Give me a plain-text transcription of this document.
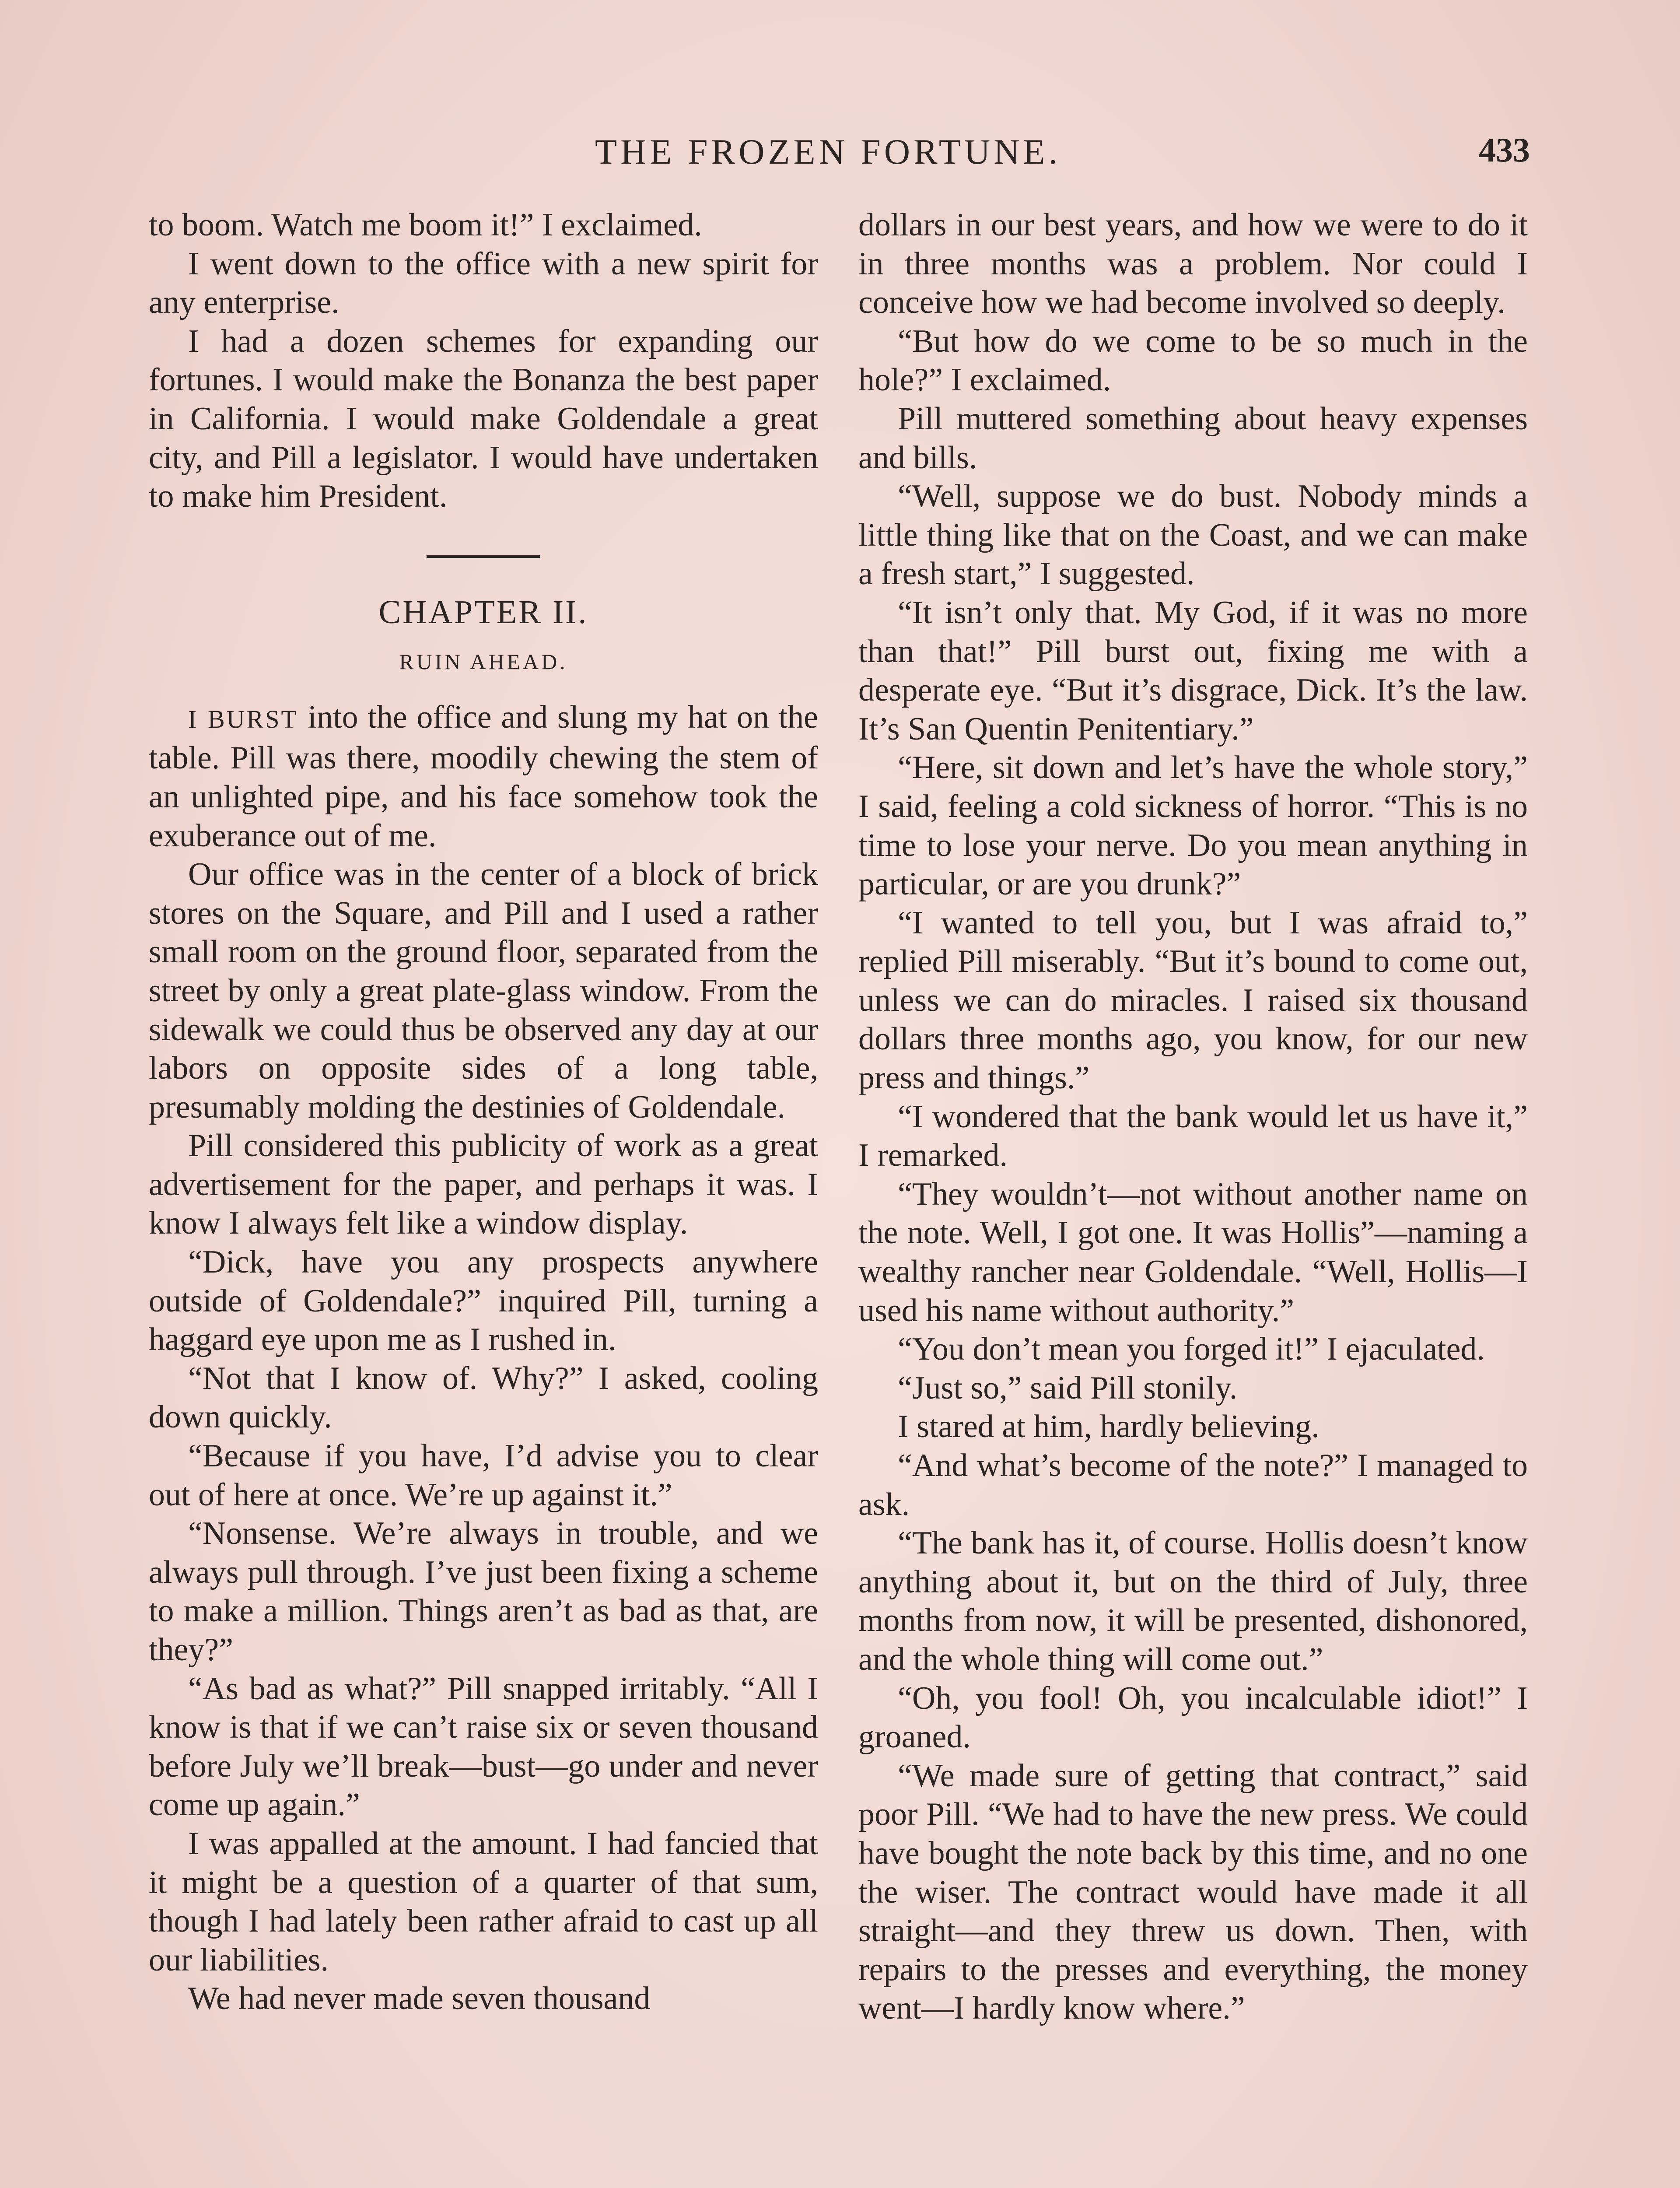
THE FROZEN FORTUNE.	433

to boom. Watch me boom it!” I exclaimed.

I went down to the office with a new spirit for any enterprise.

I had a dozen schemes for expanding our fortunes. I would make the Bonanza the best paper in California. I would make Goldendale a great city, and Pill a legislator. I would have undertaken to make him President.

CHAPTER II.
RUIN AHEAD.

I BURST into the office and slung my hat on the table. Pill was there, moodily chewing the stem of an unlighted pipe, and his face somehow took the exuberance out of me.

Our office was in the center of a block of brick stores on the Square, and Pill and I used a rather small room on the ground floor, separated from the street by only a great plate-glass window. From the sidewalk we could thus be observed any day at our labors on opposite sides of a long table, presumably molding the destinies of Goldendale.

Pill considered this publicity of work as a great advertisement for the paper, and perhaps it was. I know I always felt like a window display.

“Dick, have you any prospects anywhere outside of Goldendale?” inquired Pill, turning a haggard eye upon me as I rushed in.

“Not that I know of. Why?” I asked, cooling down quickly.

“Because if you have, I’d advise you to clear out of here at once. We’re up against it.”

“Nonsense. We’re always in trouble, and we always pull through. I’ve just been fixing a scheme to make a million. Things aren’t as bad as that, are they?”

“As bad as what?” Pill snapped irritably. “All I know is that if we can’t raise six or seven thousand before July we’ll break—bust—go under and never come up again.”

I was appalled at the amount. I had fancied that it might be a question of a quarter of that sum, though I had lately been rather afraid to cast up all our liabilities.

We had never made seven thousand

dollars in our best years, and how we were to do it in three months was a problem. Nor could I conceive how we had become involved so deeply.

“But how do we come to be so much in the hole?” I exclaimed.

Pill muttered something about heavy expenses and bills.

“Well, suppose we do bust. Nobody minds a little thing like that on the Coast, and we can make a fresh start,” I suggested.

“It isn’t only that. My God, if it was no more than that!” Pill burst out, fixing me with a desperate eye. “But it’s disgrace, Dick. It’s the law. It’s San Quentin Penitentiary.”

“Here, sit down and let’s have the whole story,” I said, feeling a cold sickness of horror. “This is no time to lose your nerve. Do you mean anything in particular, or are you drunk?”

“I wanted to tell you, but I was afraid to,” replied Pill miserably. “But it’s bound to come out, unless we can do miracles. I raised six thousand dollars three months ago, you know, for our new press and things.”

“I wondered that the bank would let us have it,” I remarked.

“They wouldn’t—not without another name on the note. Well, I got one. It was Hollis”—naming a wealthy rancher near Goldendale. “Well, Hollis—I used his name without authority.”

“You don’t mean you forged it!” I ejaculated.

“Just so,” said Pill stonily.

I stared at him, hardly believing.

“And what’s become of the note?” I managed to ask.

“The bank has it, of course. Hollis doesn’t know anything about it, but on the third of July, three months from now, it will be presented, dishonored, and the whole thing will come out.”

“Oh, you fool! Oh, you incalculable idiot!” I groaned.

“We made sure of getting that contract,” said poor Pill. “We had to have the new press. We could have bought the note back by this time, and no one the wiser. The contract would have made it all straight—and they threw us down. Then, with repairs to the presses and everything, the money went—I hardly know where.”
